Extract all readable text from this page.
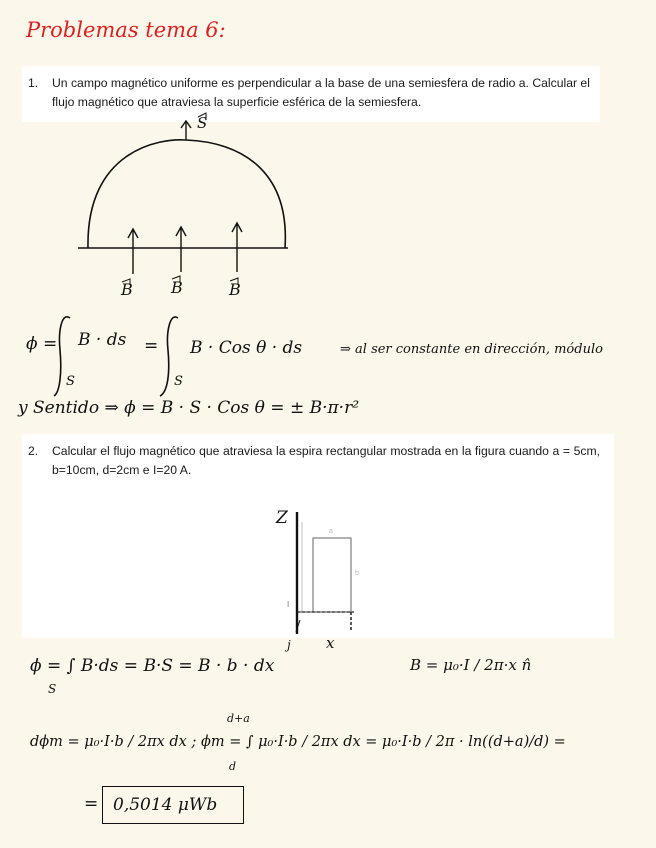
Problemas tema 6:
1. Un campo magnético uniforme es perpendicular a la base de una semiesfera de radio a. Calcular el flujo magnético que atraviesa la superficie esférica de la semiesfera.
S
B B	B
ϕ =
S
B · ds =
S
B · Cos θ · ds	⇒ al ser constante en dirección, módulo
y Sentido ⇒ ϕ = B · S · Cos θ = ± B·π·r²
2. Calcular el flujo magnético que atraviesa la espira rectangular mostrada en la figura cuando a = 5cm, b=10cm, d=2cm e I=20 A.
Z
a
b
I
x
j
ϕ = ∫ B·ds = B·S = B · b · dx
S
B = μ₀·I / 2π·x n̂
dϕm = μ₀·I·b / 2πx dx ; ϕm = ∫ μ₀·I·b / 2πx dx = μ₀·I·b / 2π · ln((d+a)/d) =
d+a
d
= 0,5014 μWb
